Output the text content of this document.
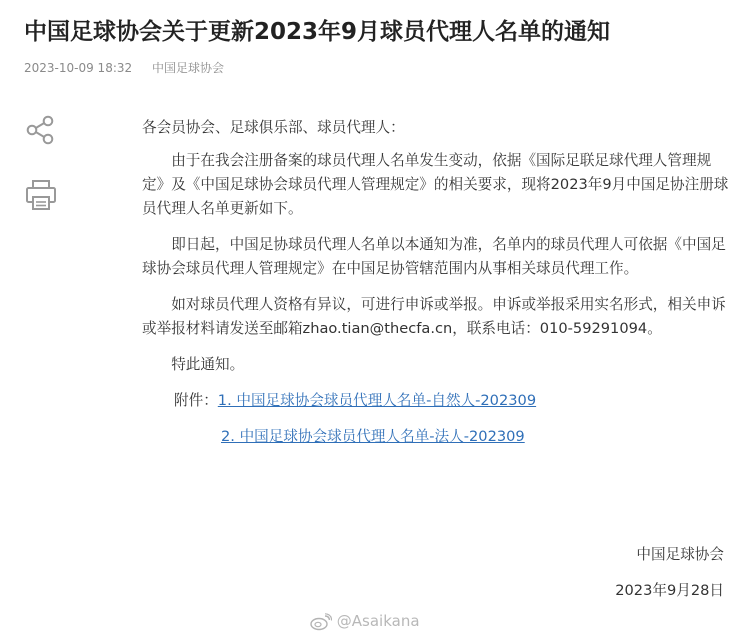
中国足球协会关于更新2023年9月球员代理人名单的通知
2023-10-09 18:32 中国足球协会

各会员协会、足球俱乐部、球员代理人：

由于在我会注册备案的球员代理人名单发生变动，依据《国际足联足球代理人管理规定》及《中国足球协会球员代理人管理规定》的相关要求，现将2023年9月中国足协注册球员代理人名单更新如下。

即日起，中国足协球员代理人名单以本通知为准，名单内的球员代理人可依据《中国足球协会球员代理人管理规定》在中国足协管辖范围内从事相关球员代理工作。

如对球员代理人资格有异议，可进行申诉或举报。申诉或举报采用实名形式，相关申诉或举报材料请发送至邮箱zhao.tian@thecfa.cn，联系电话：010-59291094。

特此通知。

附件：1. 中国足球协会球员代理人名单-自然人-202309

2. 中国足球协会球员代理人名单-法人-202309

中国足球协会
2023年9月28日
@Asaikana
